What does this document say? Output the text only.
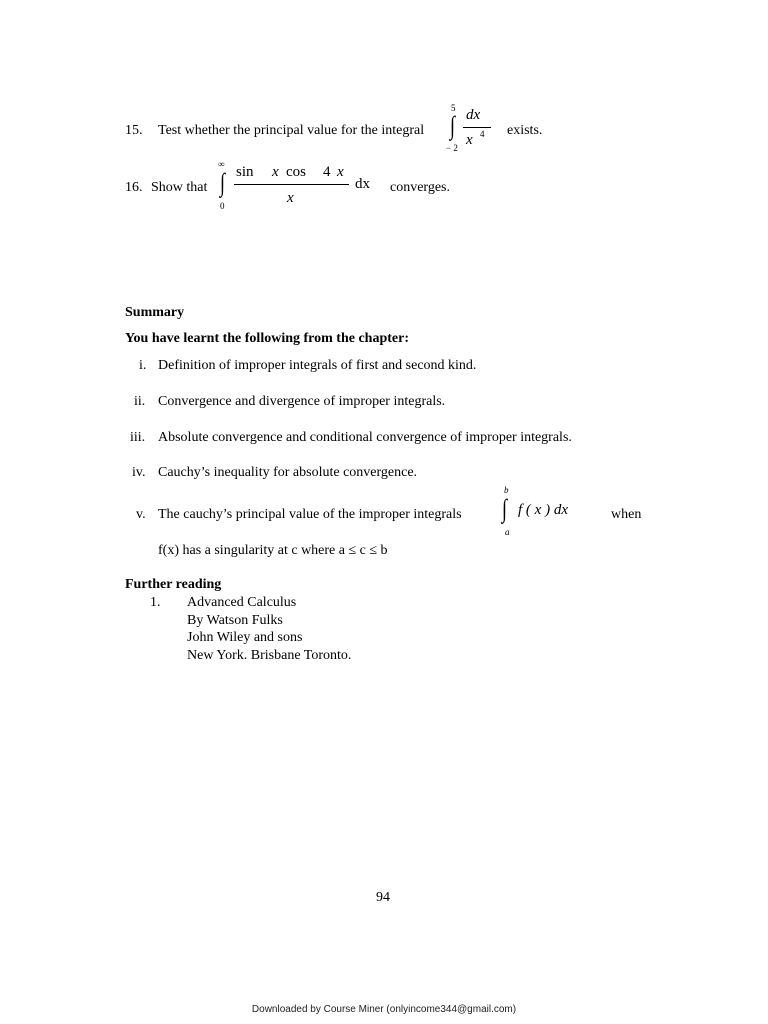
15. Test whether the principal value for the integral
5
∫
− 2
dx
x 4 exists.
16. Show that
∞
∫
0
sin x cos 4 x
x
dx converges.
Summary
You have learnt the following from the chapter:
i. Definition of improper integrals of first and second kind.
ii. Convergence and divergence of improper integrals.
iii. Absolute convergence and conditional convergence of improper integrals.
iv. Cauchy’s inequality for absolute convergence.
v. The cauchy’s principal value of the improper integrals
b
∫
a
f ( x ) dx	when
f(x) has a singularity at c where a ≤ c ≤ b
Further reading
1. Advanced Calculus
By Watson Fulks
John Wiley and sons
New York. Brisbane Toronto.
94
Downloaded by Course Miner (onlyincome344@gmail.com)
